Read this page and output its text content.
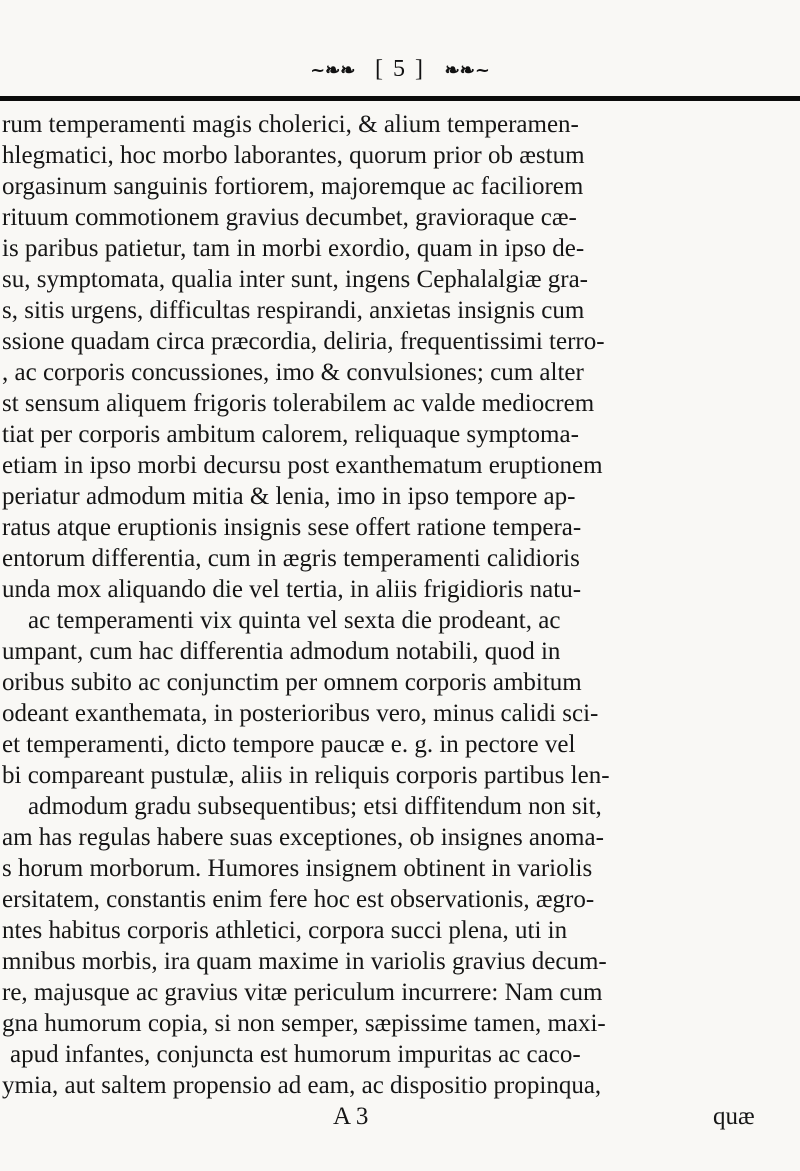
~❧❧ [ 5 ] ❧❧~
rum temperamenti magis cholerici, & alium temperamen-
hlegmatici, hoc morbo laborantes, quorum prior ob æstum
orgasinum sanguinis fortiorem, majoremque ac faciliorem
rituum commotionem gravius decumbet, gravioraque cæ-
is paribus patietur, tam in morbi exordio, quam in ipso de-
su, symptomata, qualia inter sunt, ingens Cephalalgiæ gra-
s, sitis urgens, difficultas respirandi, anxietas insignis cum
ssione quadam circa præcordia, deliria, frequentissimi terro-
, ac corporis concussiones, imo & convulsiones; cum alter
st sensum aliquem frigoris tolerabilem ac valde mediocrem
tiat per corporis ambitum calorem, reliquaque symptoma-
etiam in ipso morbi decursu post exanthematum eruptionem
periatur admodum mitia & lenia, imo in ipso tempore ap-
ratus atque eruptionis insignis sese offert ratione tempera-
entorum differentia, cum in ægris temperamenti calidioris
unda mox aliquando die vel tertia, in aliis frigidioris natu-
ac temperamenti vix quinta vel sexta die prodeant, ac
umpant, cum hac differentia admodum notabili, quod in
oribus subito ac conjunctim per omnem corporis ambitum
odeant exanthemata, in posterioribus vero, minus calidi sci-
et temperamenti, dicto tempore paucæ e. g. in pectore vel
bi compareant pustulæ, aliis in reliquis corporis partibus len-
admodum gradu subsequentibus; etsi diffitendum non sit,
am has regulas habere suas exceptiones, ob insignes anoma-
s horum morborum. Humores insignem obtinent in variolis
ersitatem, constantis enim fere hoc est observationis, ægro-
ntes habitus corporis athletici, corpora succi plena, uti in
mnibus morbis, ira quam maxime in variolis gravius decum-
re, majusque ac gravius vitæ periculum incurrere: Nam cum
gna humorum copia, si non semper, sæpissime tamen, maxi-
apud infantes, conjuncta est humorum impuritas ac caco-
ymia, aut saltem propensio ad eam, ac dispositio propinqua,
A 3	quæ
